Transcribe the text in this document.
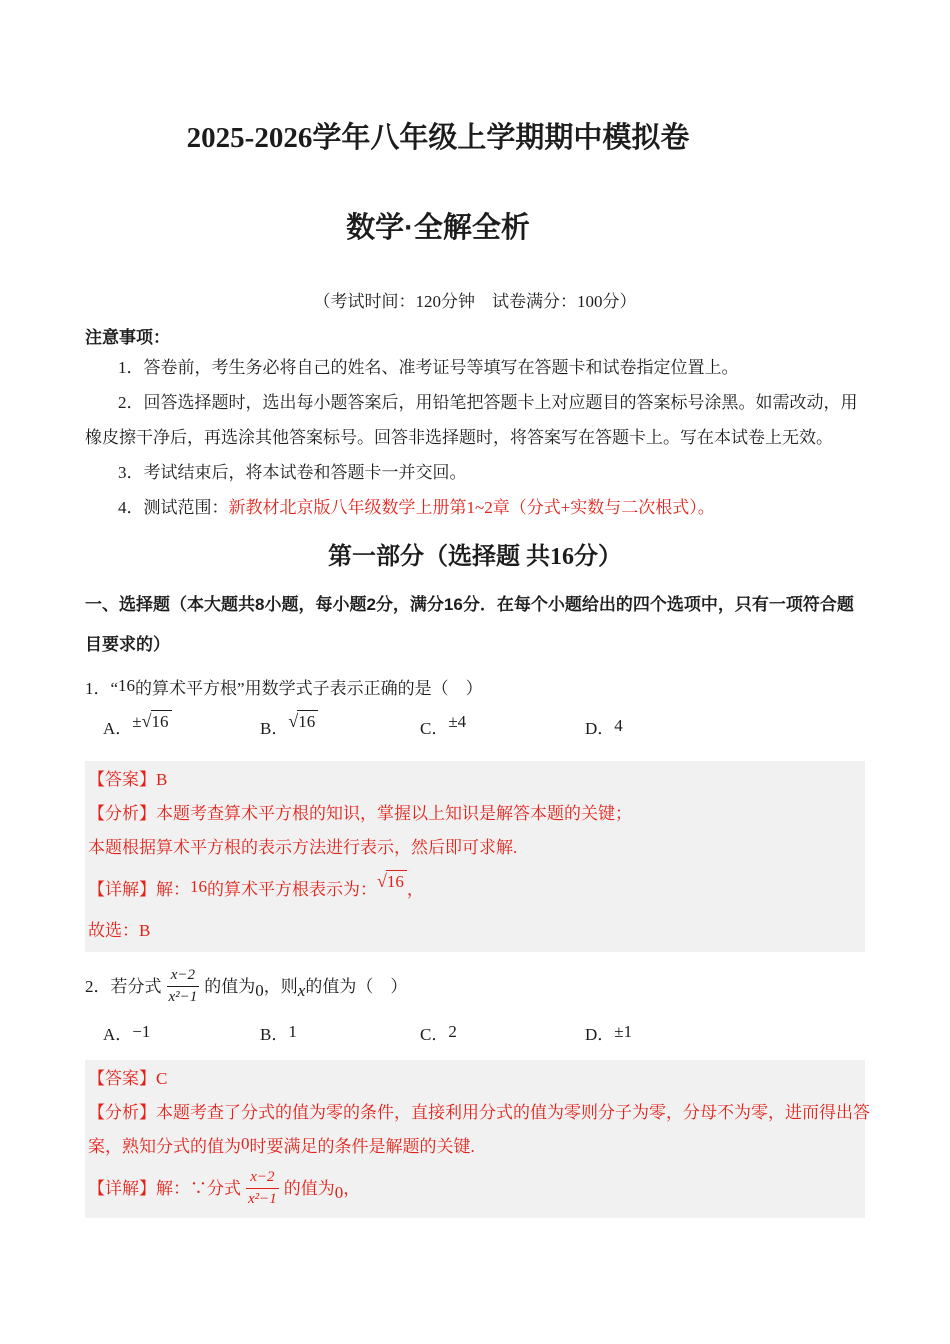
2025-2026学年八年级上学期期中模拟卷
数学·全解全析
（考试时间：120分钟　试卷满分：100分）
注意事项：
1．答卷前，考生务必将自己的姓名、准考证号等填写在答题卡和试卷指定位置上。
2．回答选择题时，选出每小题答案后，用铅笔把答题卡上对应题目的答案标号涂黑。如需改动，用
橡皮擦干净后，再选涂其他答案标号。回答非选择题时，将答案写在答题卡上。写在本试卷上无效。
3．考试结束后，将本试卷和答题卡一并交回。
4．测试范围：新教材北京版八年级数学上册第1~2章（分式+实数与二次根式）。
第一部分（选择题 共16分）
一、选择题（本大题共8小题，每小题2分，满分16分．在每个小题给出的四个选项中，只有一项符合题
目要求的）
1．“16的算术平方根”用数学式子表示正确的是（　）
A．±√16	B．√16	C．±4	D．4
【答案】B
【分析】本题考查算术平方根的知识，掌握以上知识是解答本题的关键；
本题根据算术平方根的表示方法进行表示，然后即可求解.
【详解】解：16的算术平方根表示为：√16 ，
故选：B
2．若分式 $\frac{x-2}{\text{x²−1}}$ 的值为0，则x的值为（　）
A．−1	B．1	C．2	D．±1
【答案】C
【分析】本题考查了分式的值为零的条件，直接利用分式的值为零则分子为零，分母不为零，进而得出答
案，熟知分式的值为0时要满足的条件是解题的关键.
【详解】解：∵分式 $\frac{x-2}{\text{x²−1}}$ 的值为0，
